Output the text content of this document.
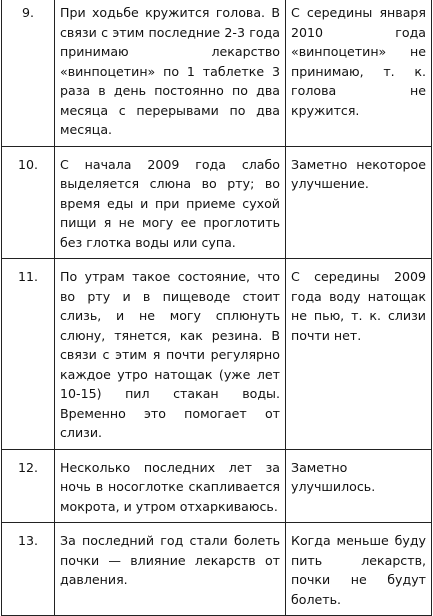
9.	При ходьбе кружится голова. В связи с этим последние 2-3 года принимаю лекарство «винпоцетин» по 1 таблетке 3 раза в день постоянно по два месяца с перерывами по два месяца.	С середины января 2010 года «винпоцетин» не принимаю, т. к. голова не кружится.

10.	С начала 2009 года слабо выделяется слюна во рту; во время еды и при приеме сухой пищи я не могу ее проглотить без глотка воды или супа.	Заметно некоторое улучшение.

11.	По утрам такое состояние, что во рту и в пищеводе стоит слизь, и не могу сплюнуть слюну, тянется, как резина. В связи с этим я почти регулярно каждое утро натощак (уже лет 10-15) пил стакан воды. Временно это помогает от слизи.	С середины 2009 года воду натощак не пью, т. к. слизи почти нет.

12.	Несколько последних лет за ночь в носоглотке скапливается мокрота, и утром отхаркиваюсь.	Заметно улучшилось.

13.	За последний год стали болеть почки — влияние лекарств от давления.	Когда меньше буду пить лекарств, почки не будут болеть.
